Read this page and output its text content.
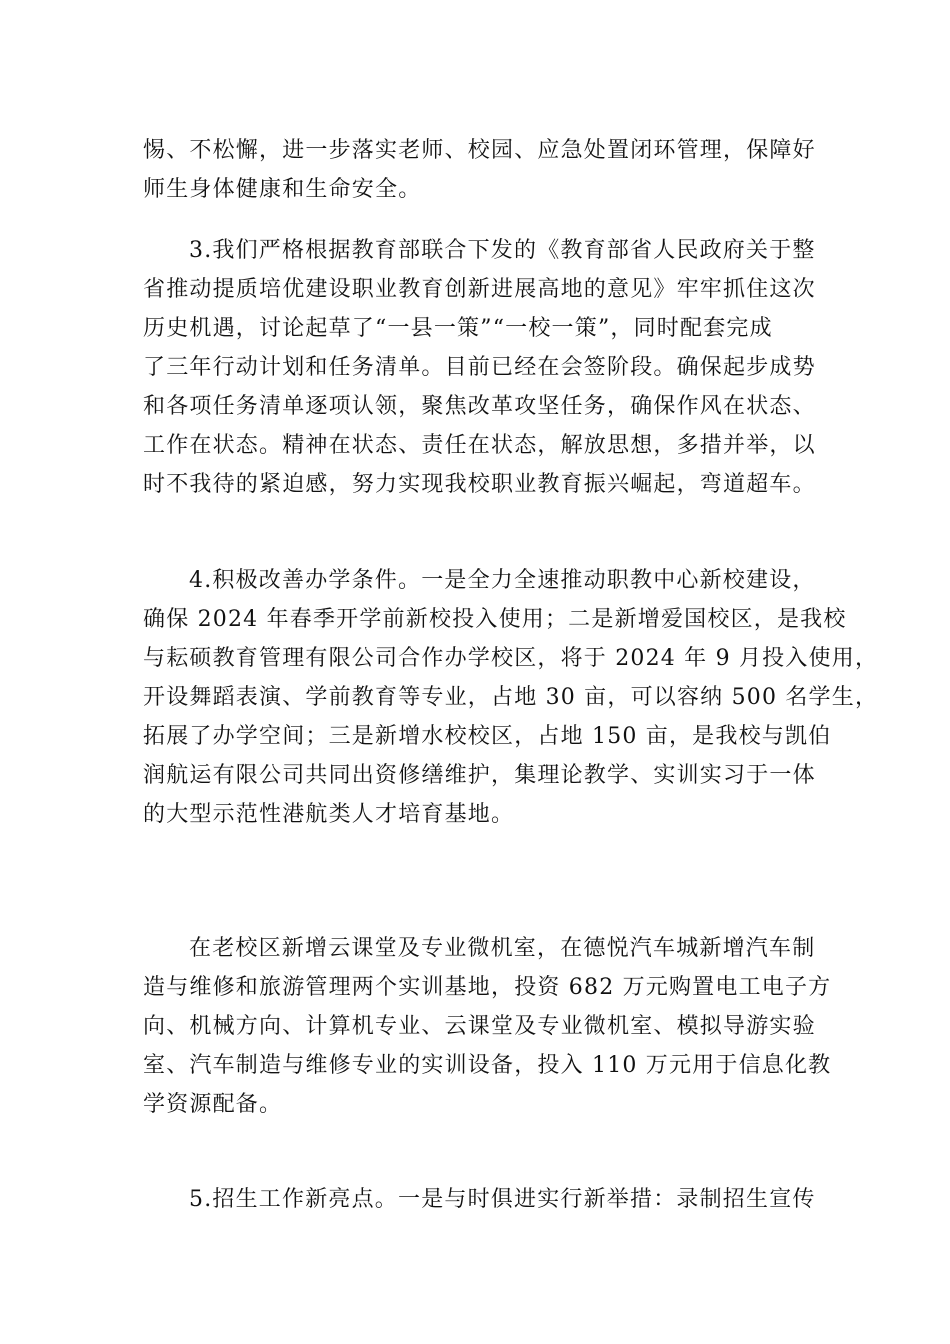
惕、不松懈，进一步落实老师、校园、应急处置闭环管理，保障好
师生身体健康和生命安全。
3.我们严格根据教育部联合下发的《教育部省人民政府关于整
省推动提质培优建设职业教育创新进展高地的意见》牢牢抓住这次
历史机遇，讨论起草了“一县一策”“一校一策”，同时配套完成
了三年行动计划和任务清单。目前已经在会签阶段。确保起步成势
和各项任务清单逐项认领，聚焦改革攻坚任务，确保作风在状态、
工作在状态。精神在状态、责任在状态，解放思想，多措并举，以
时不我待的紧迫感，努力实现我校职业教育振兴崛起，弯道超车。
4.积极改善办学条件。一是全力全速推动职教中心新校建设，
确保 2024 年春季开学前新校投入使用；二是新增爱国校区，是我校
与耘硕教育管理有限公司合作办学校区，将于 2024 年 9 月投入使用，
开设舞蹈表演、学前教育等专业，占地 30 亩，可以容纳 500 名学生，
拓展了办学空间；三是新增水校校区，占地 150 亩，是我校与凯伯
润航运有限公司共同出资修缮维护，集理论教学、实训实习于一体
的大型示范性港航类人才培育基地。
在老校区新增云课堂及专业微机室，在德悦汽车城新增汽车制
造与维修和旅游管理两个实训基地，投资 682 万元购置电工电子方
向、机械方向、计算机专业、云课堂及专业微机室、模拟导游实验
室、汽车制造与维修专业的实训设备，投入 110 万元用于信息化教
学资源配备。
5.招生工作新亮点。一是与时俱进实行新举措：录制招生宣传
